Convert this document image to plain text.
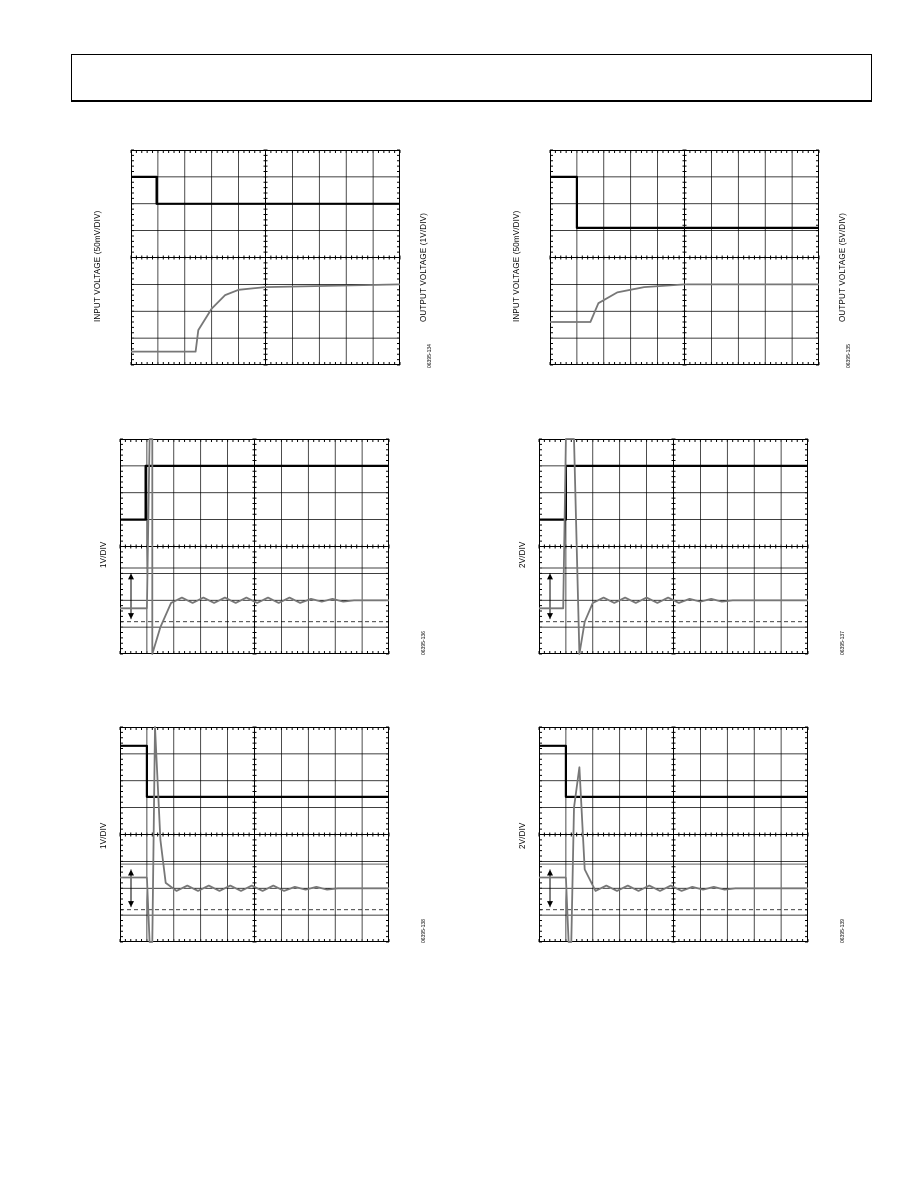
INPUT VOLTAGE (50mV/DIV)	OUTPUT VOLTAGE (1V/DIV)
06395-134
INPUT VOLTAGE (50mV/DIV)	OUTPUT VOLTAGE (5V/DIV)
06395-135
1V/DIV
06395-136
2V/DIV
06395-137
1V/DIV
06395-138
2V/DIV
06395-139
